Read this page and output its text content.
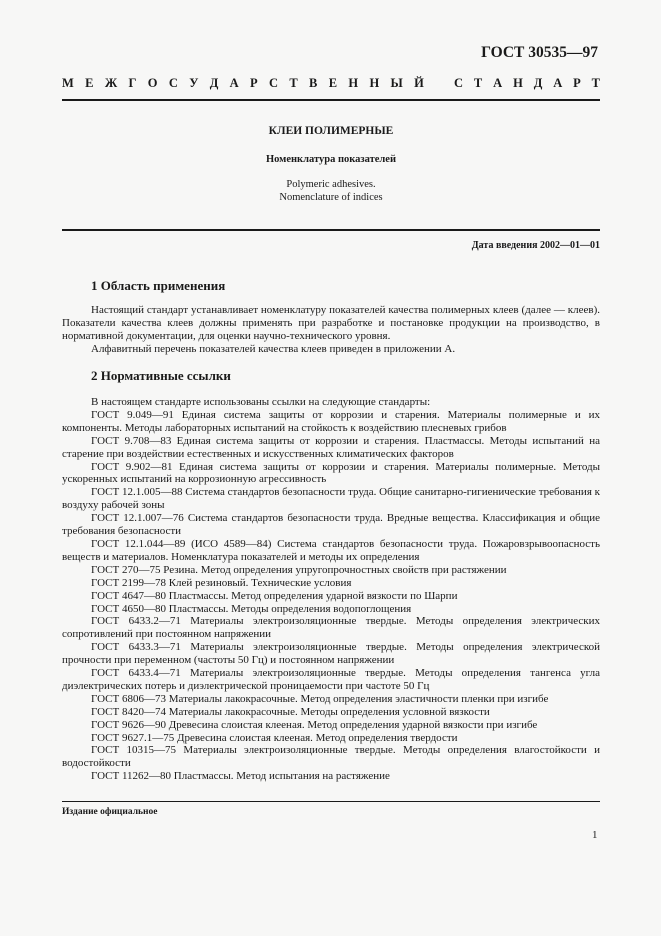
ГОСТ 30535—97
М Е Ж Г О С У Д А Р С Т В Е Н Н Ы Й С Т А Н Д А Р Т
КЛЕИ ПОЛИМЕРНЫЕ
Номенклатура показателей
Polymeric adhesives.
Nomenclature of indices
Дата введения 2002—01—01
1 Область применения

Настоящий стандарт устанавливает номенклатуру показателей качества полимерных клеев (далее — клеев). Показатели качества клеев должны применять при разработке и постановке продукции на производство, в нормативной документации, для оценки научно-технического уровня.

Алфавитный перечень показателей качества клеев приведен в приложении А.

2 Нормативные ссылки

В настоящем стандарте использованы ссылки на следующие стандарты:

ГОСТ 9.049—91 Единая система защиты от коррозии и старения. Материалы полимерные и их компоненты. Методы лабораторных испытаний на стойкость к воздействию плесневых грибов

ГОСТ 9.708—83 Единая система защиты от коррозии и старения. Пластмассы. Методы испытаний на старение при воздействии естественных и искусственных климатических факторов

ГОСТ 9.902—81 Единая система защиты от коррозии и старения. Материалы полимерные. Методы ускоренных испытаний на коррозионную агрессивность

ГОСТ 12.1.005—88 Система стандартов безопасности труда. Общие санитарно-гигиенические требования к воздуху рабочей зоны

ГОСТ 12.1.007—76 Система стандартов безопасности труда. Вредные вещества. Классификация и общие требования безопасности

ГОСТ 12.1.044—89 (ИСО 4589—84) Система стандартов безопасности труда. Пожаровзрывоопасность веществ и материалов. Номенклатура показателей и методы их определения

ГОСТ 270—75 Резина. Метод определения упругопрочностных свойств при растяжении

ГОСТ 2199—78 Клей резиновый. Технические условия

ГОСТ 4647—80 Пластмассы. Метод определения ударной вязкости по Шарпи

ГОСТ 4650—80 Пластмассы. Методы определения водопоглощения

ГОСТ 6433.2—71 Материалы электроизоляционные твердые. Методы определения электрических сопротивлений при постоянном напряжении

ГОСТ 6433.3—71 Материалы электроизоляционные твердые. Методы определения электрической прочности при переменном (частоты 50 Гц) и постоянном напряжении

ГОСТ 6433.4—71 Материалы электроизоляционные твердые. Методы определения тангенса угла диэлектрических потерь и диэлектрической проницаемости при частоте 50 Гц

ГОСТ 6806—73 Материалы лакокрасочные. Метод определения эластичности пленки при изгибе

ГОСТ 8420—74 Материалы лакокрасочные. Методы определения условной вязкости

ГОСТ 9626—90 Древесина слоистая клееная. Метод определения ударной вязкости при изгибе

ГОСТ 9627.1—75 Древесина слоистая клееная. Метод определения твердости

ГОСТ 10315—75 Материалы электроизоляционные твердые. Методы определения влагостойкости и водостойкости

ГОСТ 11262—80 Пластмассы. Метод испытания на растяжение

Издание официальное
1
